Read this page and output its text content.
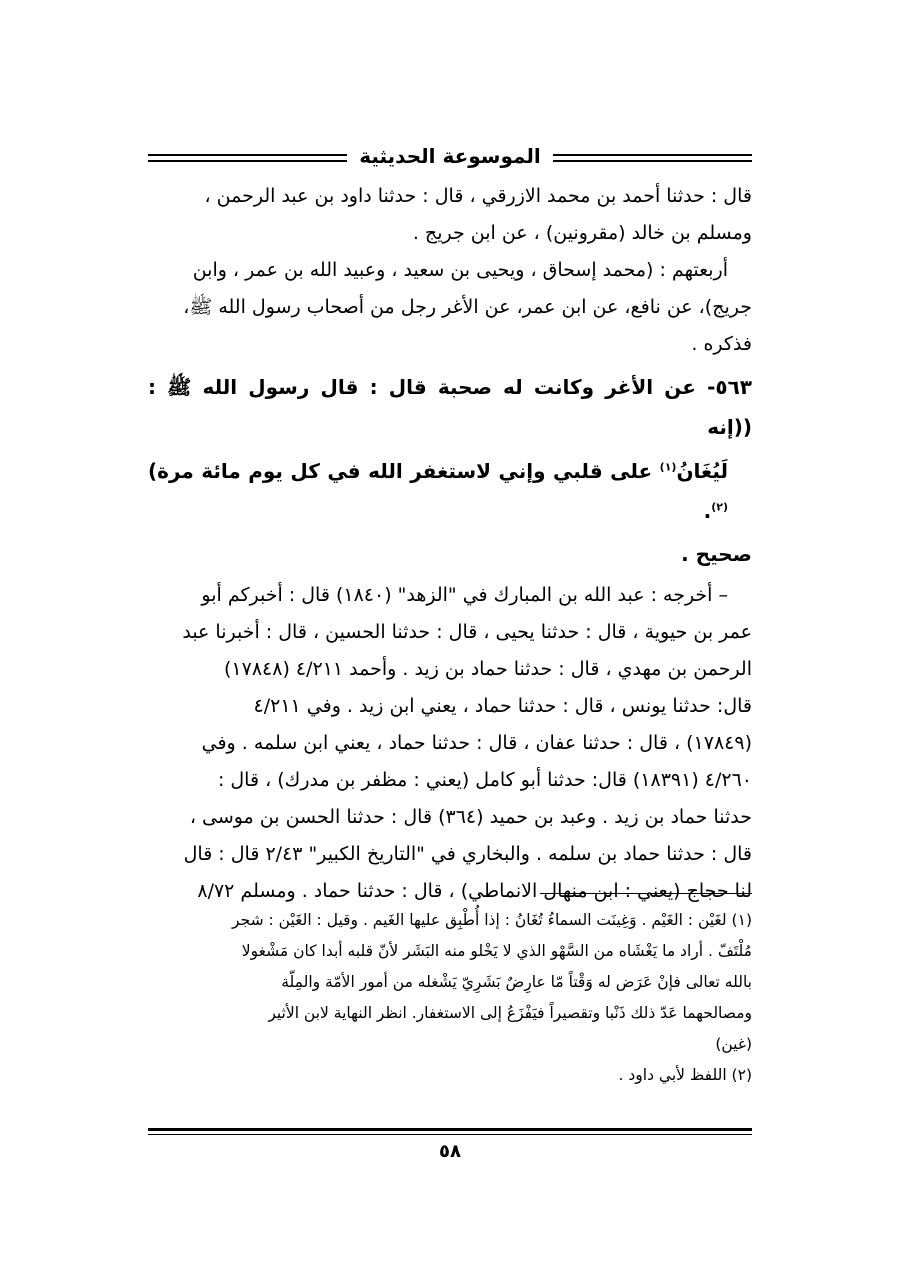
الموسوعة الحديثية

قال : حدثنا أحمد بن محمد الازرقي ، قال : حدثنا داود بن عبد الرحمن ،

ومسلم بن خالد (مقرونين) ، عن ابن جريج .

أربعتهم : (محمد إسحاق ، ويحيى بن سعيد ، وعبيد الله بن عمر ، وابن

جريج)، عن نافع، عن ابن عمر، عن الأغر رجل من أصحاب رسول الله ﷺ،

فذكره .

٥٦٣- عن الأغر وكانت له صحبة قال : قال رسول الله ﷺ : ((إنه

لَيُغَانُ$^{(١)}$ على قلبي وإني لاستغفر الله في كل يوم مائة مرة)$^{(٢)}$.

صحيح .

– أخرجه : عبد الله بن المبارك في "الزهد" (١٨٤٠) قال : أخبركم أبو

عمر بن حيوية ، قال : حدثنا يحيى ، قال : حدثنا الحسين ، قال : أخبرنا عبد

الرحمن بن مهدي ، قال : حدثنا حماد بن زيد . وأحمد ٤/٢١١ (١٧٨٤٨)

قال: حدثنا يونس ، قال : حدثنا حماد ، يعني ابن زيد . وفي ٤/٢١١

(١٧٨٤٩) ، قال : حدثنا عفان ، قال : حدثنا حماد ، يعني ابن سلمه . وفي

٤/٢٦٠ (١٨٣٩١) قال: حدثنا أبو كامل (يعني : مظفر بن مدرك) ، قال :

حدثنا حماد بن زيد . وعبد بن حميد (٣٦٤) قال : حدثنا الحسن بن موسى ،

قال : حدثنا حماد بن سلمه . والبخاري في "التاريخ الكبير" ٢/٤٣ قال : قال

لنا حجاج (يعني : ابن منهال الانماطي) ، قال : حدثنا حماد . ومسلم ٨/٧٢

(١) لغَيْن : الغَيْم . وَغِينَت السماءُ تُغَانُ : إذا أُطْبِق عليها الغَيم . وقيل : الغَيْن : شجر

مُلْتَفّ . أراد ما يَغْشَاه من السَّهْو الذي لا يَخْلو منه البَشَر لأنّ قلبه أبدا كان مَشْغولا

بالله تعالى فإنْ عَرَض له وَقْتاً مّا عارِضٌ بَشَرِيّ يَشْغله من أمور الأمّة والمِلّة

ومصالحهما عَدّ ذلك ذَنْبا وتقصيراً فيَفْزَعُ إلى الاستغفار. انظر النهاية لابن الأثير

(غين)

(٢) اللفظ لأبي داود .

٥٨
